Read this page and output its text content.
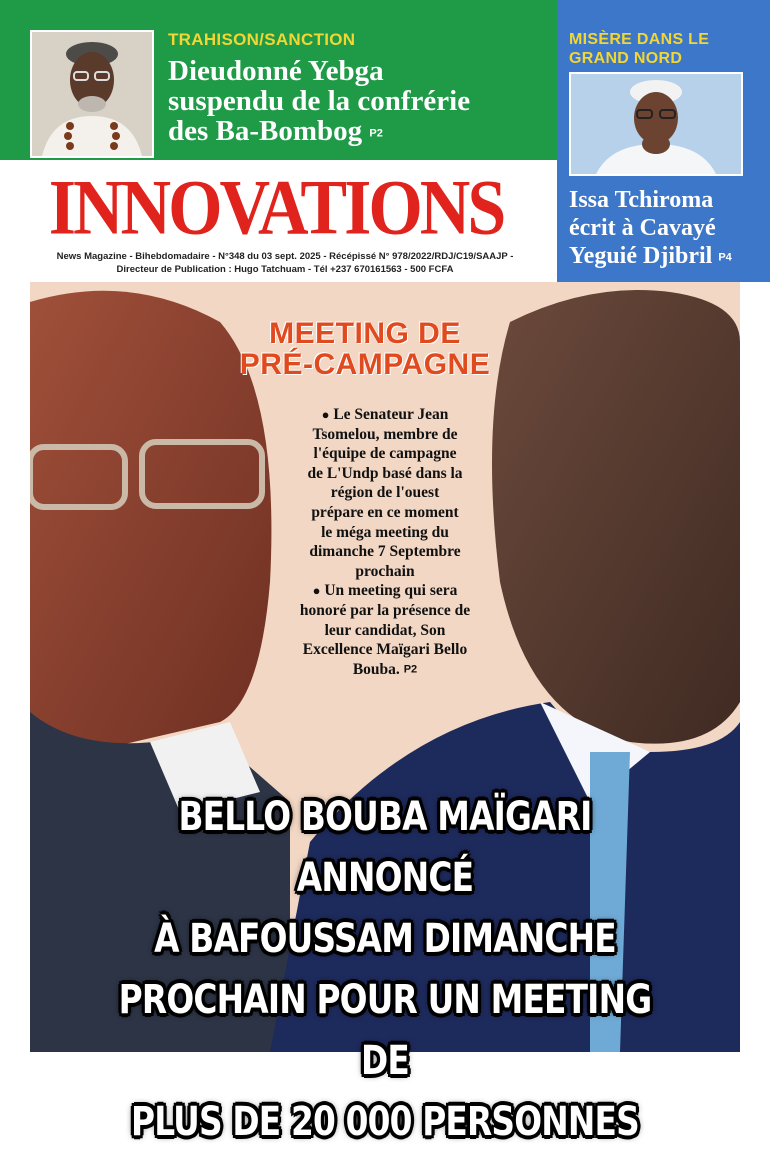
TRAHISON/SANCTION
Dieudonné Yebga
suspendu de la confrérie
des Ba-Bombog P2
MISÈRE DANS LE
GRAND NORD
Issa Tchiroma
écrit à Cavayé
Yeguié Djibril P4
INNOVATIONS
News Magazine - Bihebdomadaire - N°348 du 03 sept. 2025 - Récépissé N° 978/2022/RDJ/C19/SAAJP -
Directeur de Publication : Hugo Tatchuam - Tél +237 670161563 - 500 FCFA
MEETING DE
PRÉ-CAMPAGNE
● Le Senateur Jean
Tsomelou, membre de
l'équipe de campagne
de L'Undp basé dans la
région de l'ouest
prépare en ce moment
le méga meeting du
dimanche 7 Septembre
prochain
● Un meeting qui sera
honoré par la présence de
leur candidat, Son
Excellence Maïgari Bello
Bouba. P2
BELLO BOUBA MAÏGARI ANNONCÉ
À BAFOUSSAM DIMANCHE
PROCHAIN POUR UN MEETING DE
PLUS DE 20 000 PERSONNES
